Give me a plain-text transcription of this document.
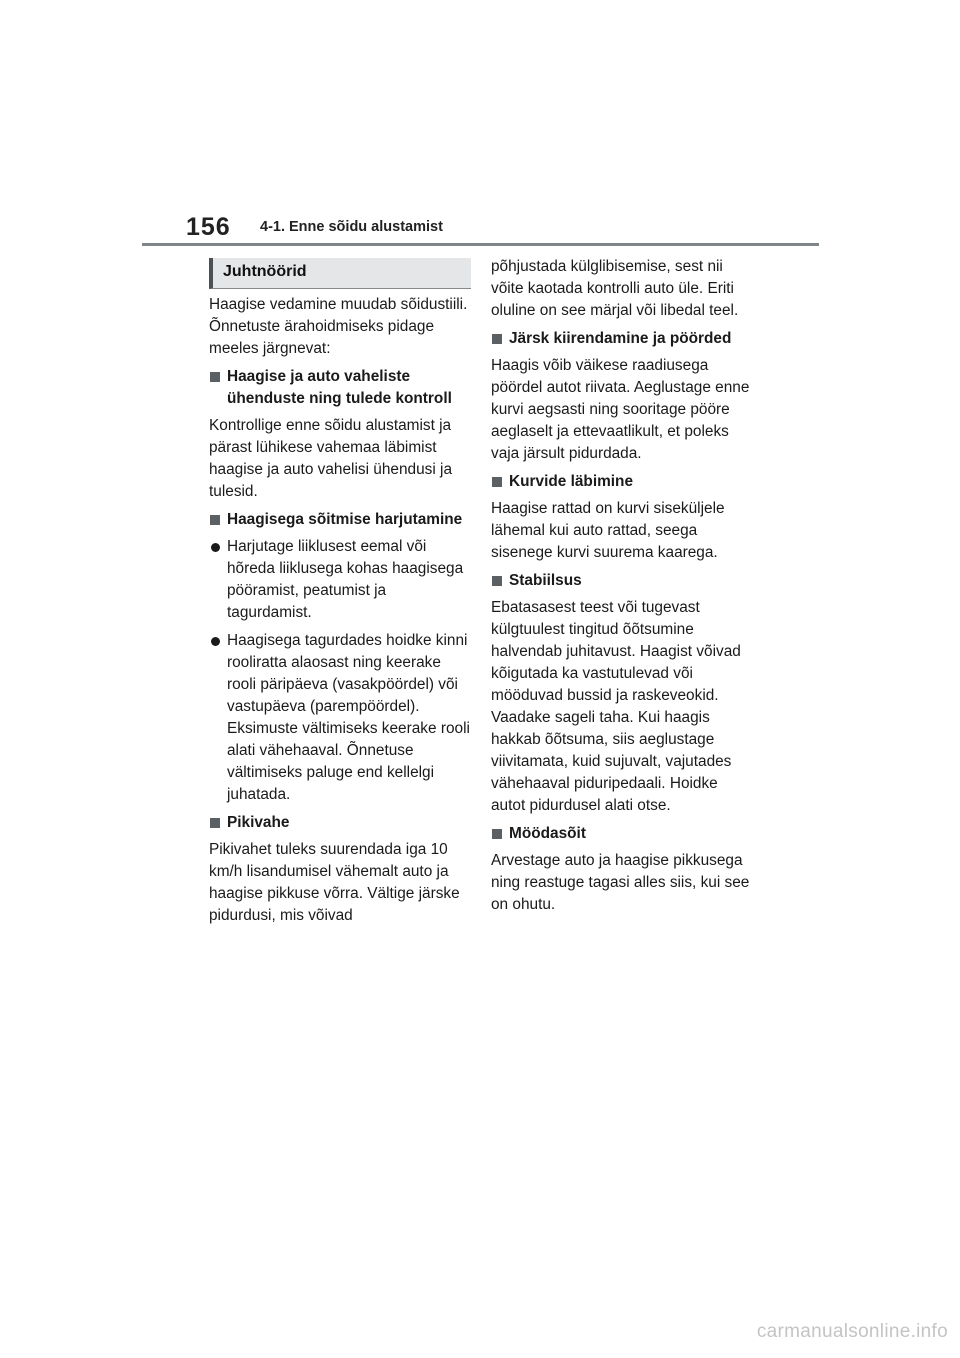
156 4-1. Enne sõidu alustamist
Juhtnöörid

Haagise vedamine muudab sõidustiili. Õnnetuste ärahoidmiseks pidage meeles järgnevat:

Haagise ja auto vaheliste ühenduste ning tulede kontroll

Kontrollige enne sõidu alustamist ja pärast lühikese vahemaa läbimist haagise ja auto vahelisi ühendusi ja tulesid.

Haagisega sõitmise harjutamine
Harjutage liiklusest eemal või hõreda liiklusega kohas haagisega pööramist, peatumist ja tagurdamist.
Haagisega tagurdades hoidke kinni rooliratta alaosast ning keerake rooli päripäeva (vasakpöördel) või vastupäeva (parempöördel). Eksimuste vältimiseks keerake rooli alati vähehaaval. Õnnetuse vältimiseks paluge end kellelgi juhatada.
Pikivahe

Pikivahet tuleks suurendada iga 10 km/h lisandumisel vähemalt auto ja haagise pikkuse võrra. Vältige järske pidurdusi, mis võivad

põhjustada külglibisemise, sest nii võite kaotada kontrolli auto üle. Eriti oluline on see märjal või libedal teel.

Järsk kiirendamine ja pöörded

Haagis võib väikese raadiusega pöördel autot riivata. Aeglustage enne kurvi aegsasti ning sooritage pööre aeglaselt ja ettevaatlikult, et poleks vaja järsult pidurdada.

Kurvide läbimine

Haagise rattad on kurvi siseküljele lähemal kui auto rattad, seega sisenege kurvi suurema kaarega.

Stabiilsus

Ebatasasest teest või tugevast külgtuulest tingitud õõtsumine halvendab juhitavust. Haagist võivad kõigutada ka vastutulevad või mööduvad bussid ja raskeveokid. Vaadake sageli taha. Kui haagis hakkab õõtsuma, siis aeglustage viivitamata, kuid sujuvalt, vajutades vähehaaval piduripedaali. Hoidke autot pidurdusel alati otse.

Möödasõit

Arvestage auto ja haagise pikkusega ning reastuge tagasi alles siis, kui see on ohutu.

carmanualsonline.info
